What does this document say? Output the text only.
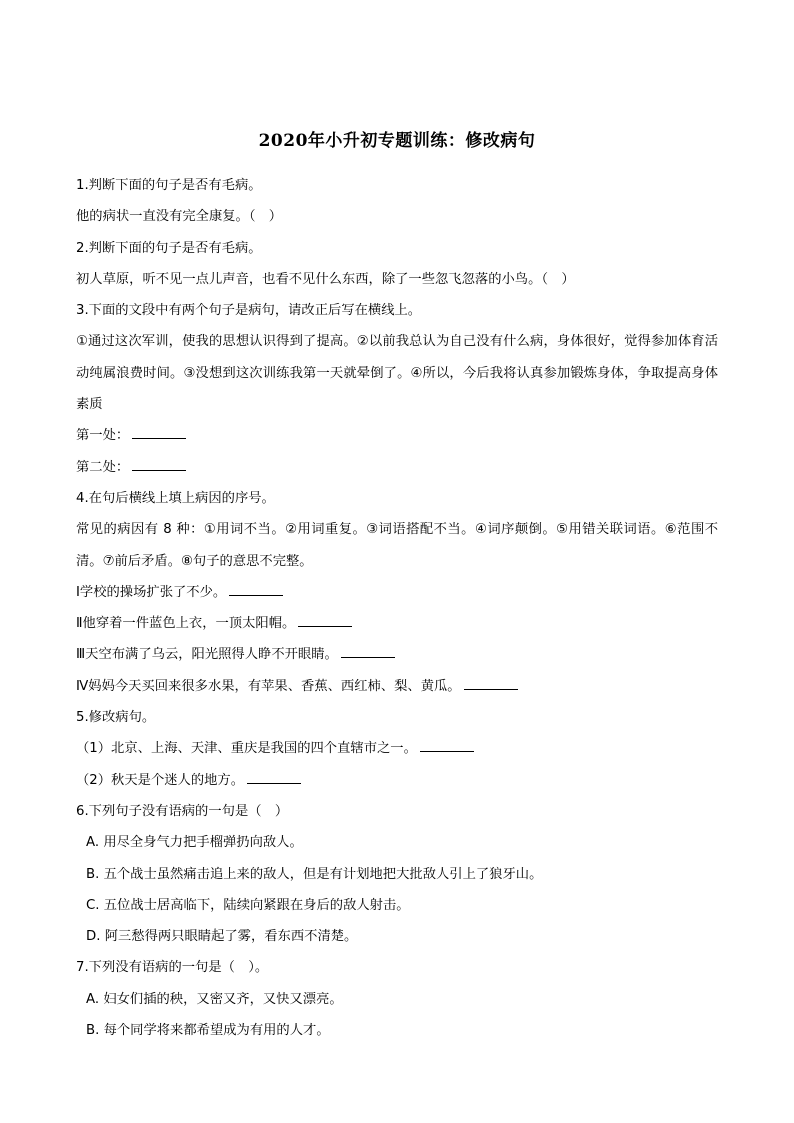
2020年小升初专题训练：修改病句
1.判断下面的句子是否有毛病。
他的病状一直没有完全康复。（　）
2.判断下面的句子是否有毛病。
初人草原，听不见一点儿声音，也看不见什么东西，除了一些忽飞忽落的小鸟。（　）
3.下面的文段中有两个句子是病句，请改正后写在横线上。
①通过这次军训，使我的思想认识得到了提高。②以前我总认为自己没有什么病，身体很好，觉得参加体育活动纯属浪费时间。③没想到这次训练我第一天就晕倒了。④所以，今后我将认真参加锻炼身体，争取提高身体素质
第一处：
第二处：
4.在句后横线上填上病因的序号。
常见的病因有 8 种：①用词不当。②用词重复。③词语搭配不当。④词序颠倒。⑤用错关联词语。⑥范围不清。⑦前后矛盾。⑧句子的意思不完整。
Ⅰ学校的操场扩张了不少。
Ⅱ他穿着一件蓝色上衣，一顶太阳帽。
Ⅲ天空布满了乌云，阳光照得人睁不开眼睛。
Ⅳ妈妈今天买回来很多水果，有苹果、香蕉、西红柿、梨、黄瓜。
5.修改病句。
（1）北京、上海、天津、重庆是我国的四个直辖市之一。
（2）秋天是个迷人的地方。
6.下列句子没有语病的一句是（　）
A. 用尽全身气力把手榴弹扔向敌人。
B. 五个战士虽然痛击追上来的敌人，但是有计划地把大批敌人引上了狼牙山。
C. 五位战士居高临下，陆续向紧跟在身后的敌人射击。
D. 阿三愁得两只眼睛起了雾，看东西不清楚。
7.下列没有语病的一句是（　）。
A. 妇女们插的秧，又密又齐，又快又漂亮。
B. 每个同学将来都希望成为有用的人才。
